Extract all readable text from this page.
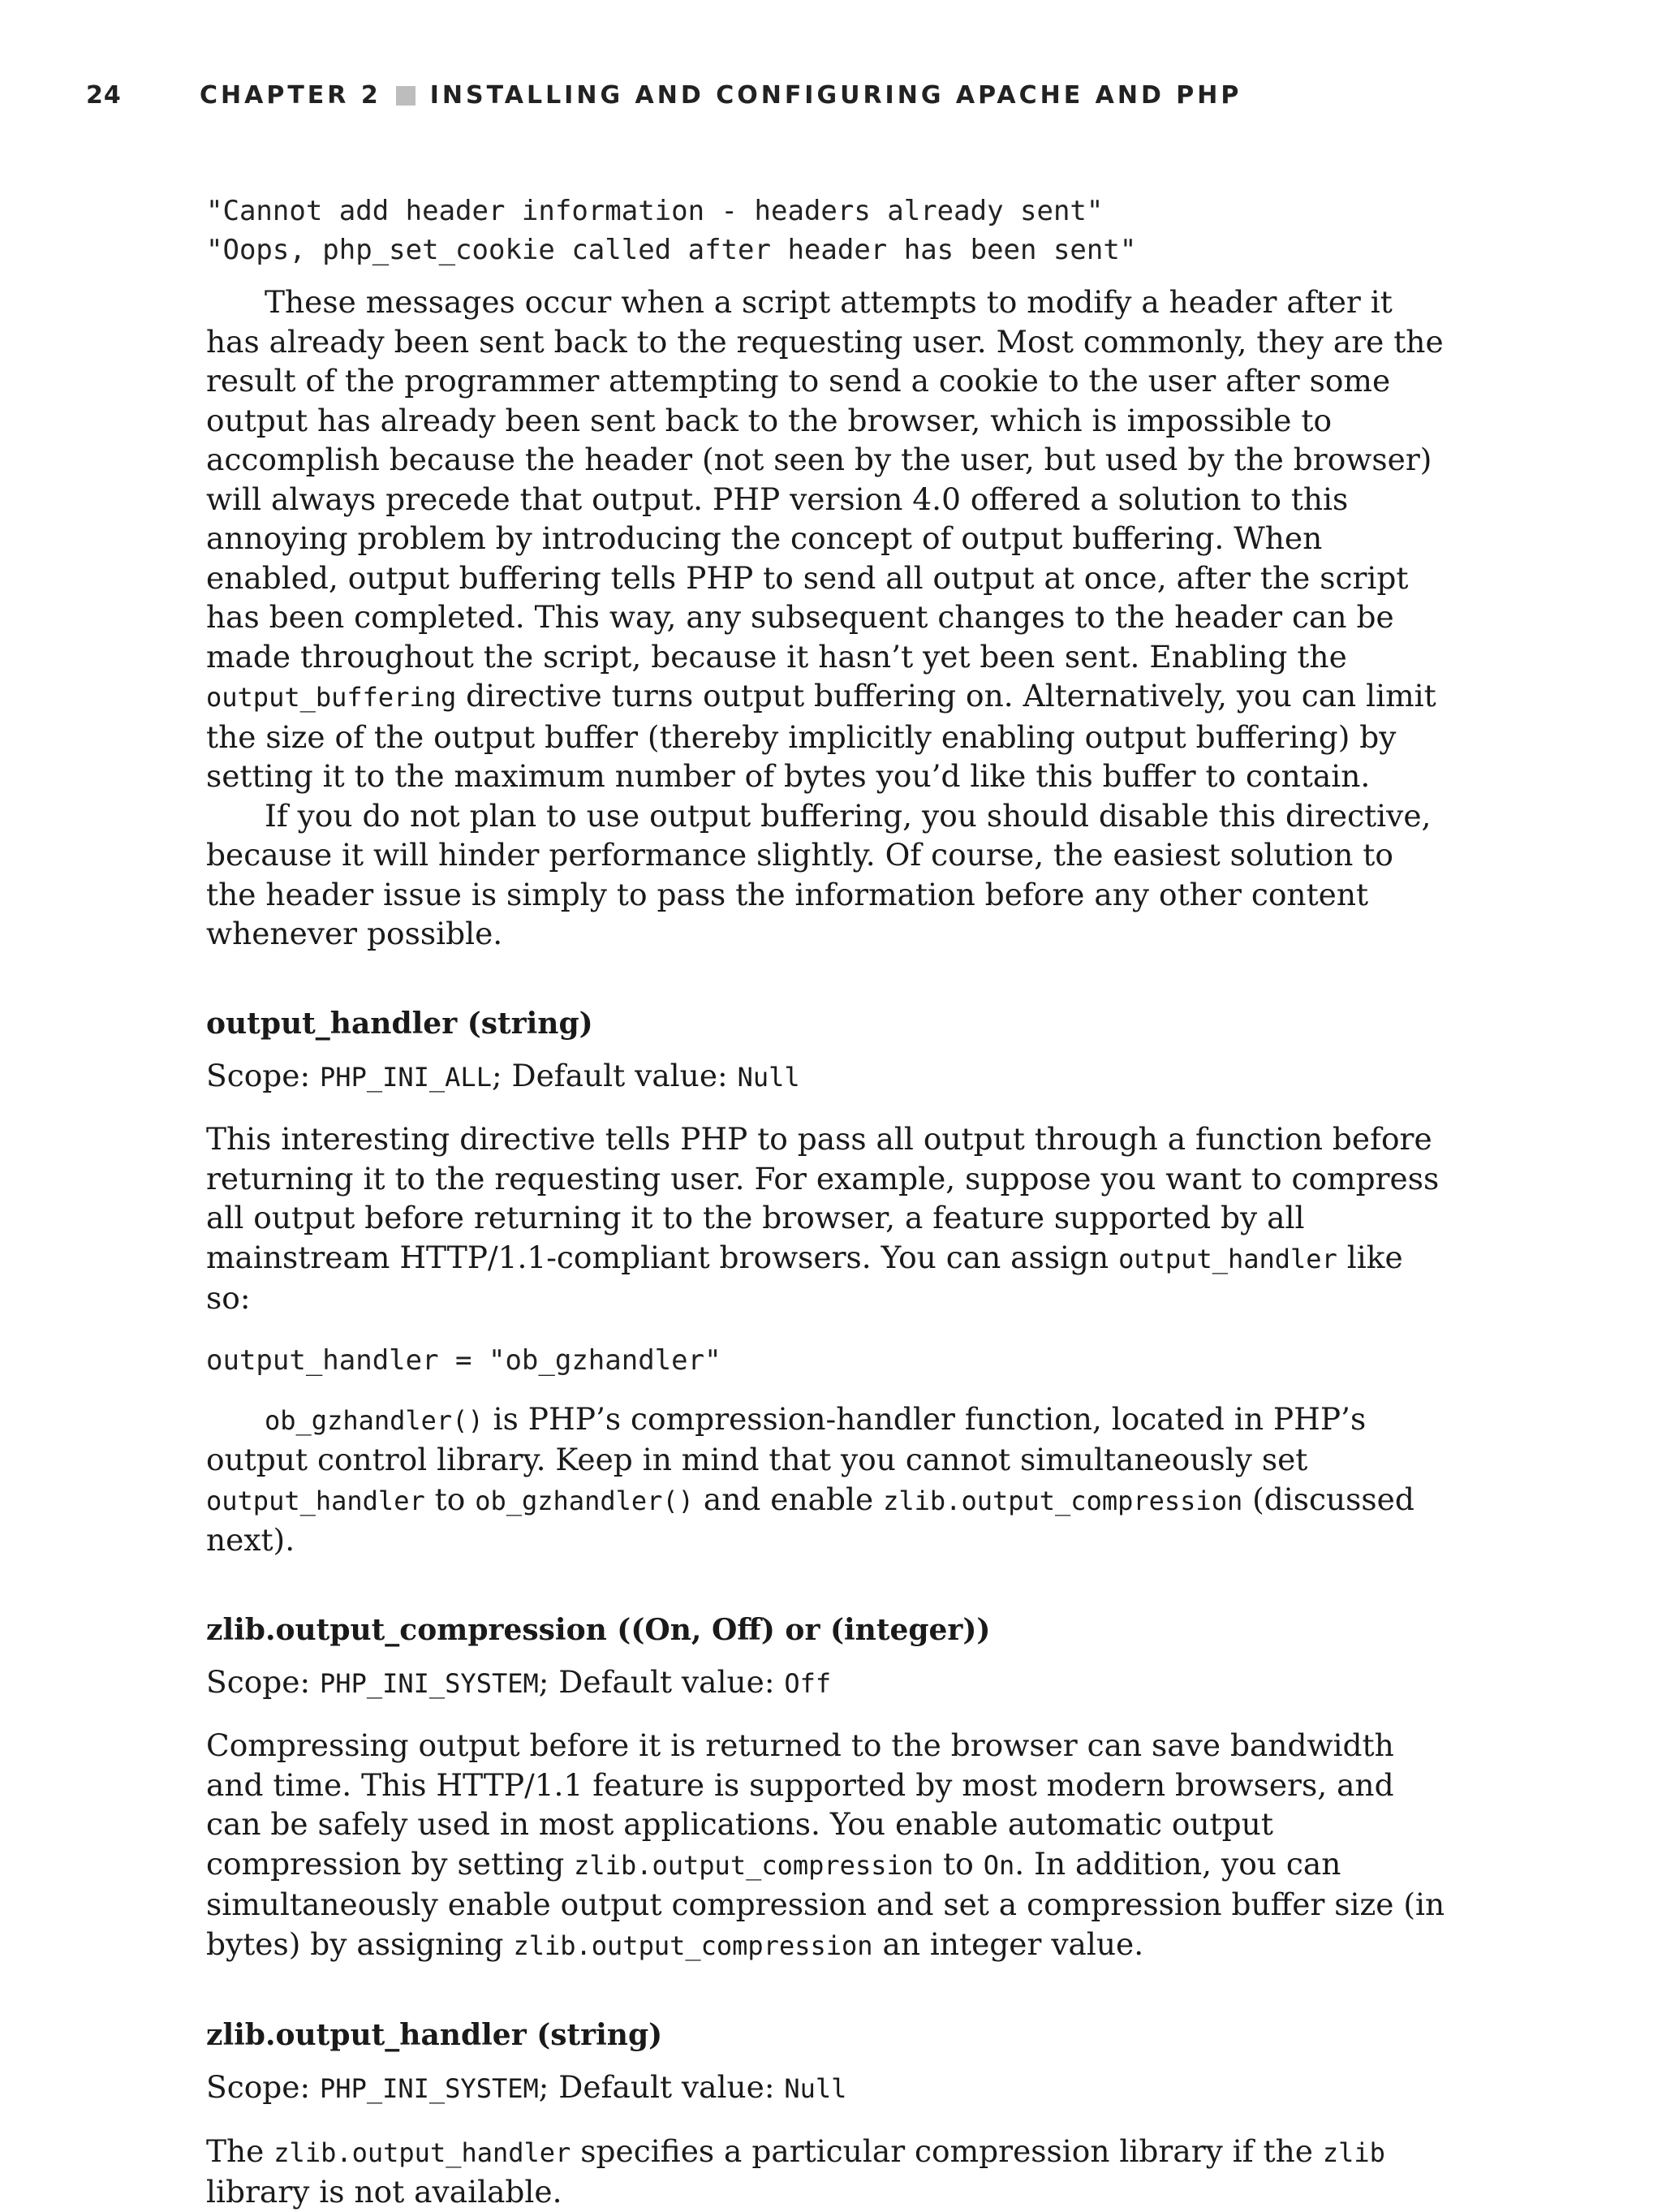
24	CHAPTER 2 INSTALLING AND CONFIGURING APACHE AND PHP
"Cannot add header information - headers already sent"
"Oops, php_set_cookie called after header has been sent"

These messages occur when a script attempts to modify a header after it has already been sent back to the requesting user. Most commonly, they are the result of the programmer attempting to send a cookie to the user after some output has already been sent back to the browser, which is impossible to accomplish because the header (not seen by the user, but used by the browser) will always precede that output. PHP version 4.0 offered a solution to this annoying problem by introducing the concept of output buffering. When enabled, output buffering tells PHP to send all output at once, after the script has been completed. This way, any subsequent changes to the header can be made throughout the script, because it hasn’t yet been sent. Enabling the output_buffering directive turns output buffering on. Alternatively, you can limit the size of the output buffer (thereby implicitly enabling output buffering) by setting it to the maximum number of bytes you’d like this buffer to contain.

If you do not plan to use output buffering, you should disable this directive, because it will hinder performance slightly. Of course, the easiest solution to the header issue is simply to pass the information before any other content whenever possible.

output_handler (string)

Scope: PHP_INI_ALL; Default value: Null

This interesting directive tells PHP to pass all output through a function before returning it to the requesting user. For example, suppose you want to compress all output before returning it to the browser, a feature supported by all mainstream HTTP/1.1-compliant browsers. You can assign output_handler like so:

output_handler = "ob_gzhandler"

ob_gzhandler() is PHP’s compression-handler function, located in PHP’s output control library. Keep in mind that you cannot simultaneously set output_handler to ob_gzhandler() and enable zlib.output_compression (discussed next).

zlib.output_compression ((On, Off) or (integer))

Scope: PHP_INI_SYSTEM; Default value: Off

Compressing output before it is returned to the browser can save bandwidth and time. This HTTP/1.1 feature is supported by most modern browsers, and can be safely used in most applications. You enable automatic output compression by setting zlib.output_compression to On. In addition, you can simultaneously enable output compression and set a compression buffer size (in bytes) by assigning zlib.output_compression an integer value.

zlib.output_handler (string)

Scope: PHP_INI_SYSTEM; Default value: Null

The zlib.output_handler specifies a particular compression library if the zlib library is not available.
